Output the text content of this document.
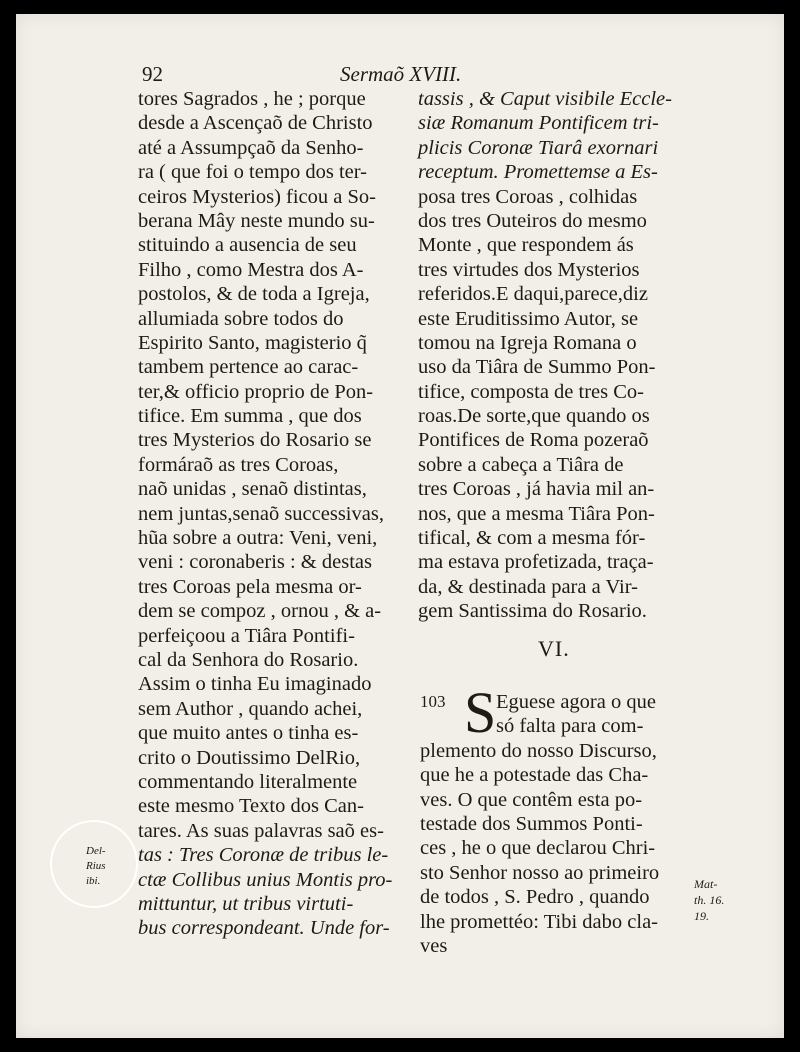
92	Sermaõ XVIII.
tores Sagrados , he ; porque
desde a Ascençaõ de Christo
até a Assumpçaõ da Senho-
ra ( que foi o tempo dos ter-
ceiros Mysterios) ficou a So-
berana Mây neste mundo su-
stituindo a ausencia de seu
Filho , como Mestra dos A-
postolos, & de toda a Igreja,
allumiada sobre todos do
Espirito Santo, magisterio q̃
tambem pertence ao carac-
ter,& officio proprio de Pon-
tifice. Em summa , que dos
tres Mysterios do Rosario se
formáraõ as tres Coroas,
naõ unidas , senaõ distintas,
nem juntas,senaõ successivas,
hũa sobre a outra: Veni, veni,
veni : coronaberis : & destas
tres Coroas pela mesma or-
dem se compoz , ornou , & a-
perfeiçoou a Tiâra Pontifi-
cal da Senhora do Rosario.
Assim o tinha Eu imaginado
sem Author , quando achei,
que muito antes o tinha es-
crito o Doutissimo DelRio,
commentando literalmente
este mesmo Texto dos Can-
tares. As suas palavras saõ es-
tas : Tres Coronæ de tribus le-
ctæ Collibus unius Montis pro-
mittuntur, ut tribus virtuti-
bus correspondeant. Unde for-
tassis , & Caput visibile Eccle-
siæ Romanum Pontificem tri-
plicis Coronæ Tiarâ exornari
receptum. Promettemse a Es-
posa tres Coroas , colhidas
dos tres Outeiros do mesmo
Monte , que respondem ás
tres virtudes dos Mysterios
referidos.E daqui,parece,diz
este Eruditissimo Autor, se
tomou na Igreja Romana o
uso da Tiâra de Summo Pon-
tifice, composta de tres Co-
roas.De sorte,que quando os
Pontifices de Roma pozeraõ
sobre a cabeça a Tiâra de
tres Coroas , já havia mil an-
nos, que a mesma Tiâra Pon-
tifical, & com a mesma fór-
ma estava profetizada, traça-
da, & destinada para a Vir-
gem Santissima do Rosario.
VI.
103 S Eguese agora o que
só falta para com-
plemento do nosso Discurso,
que he a potestade das Cha-
ves. O que contêm esta po-
testade dos Summos Ponti-
ces , he o que declarou Chri-
sto Senhor nosso ao primeiro
de todos , S. Pedro , quando
lhe promettéo: Tibi dabo cla-
ves
Del-
Rius
ibi.	Mat-
th. 16.
19.
